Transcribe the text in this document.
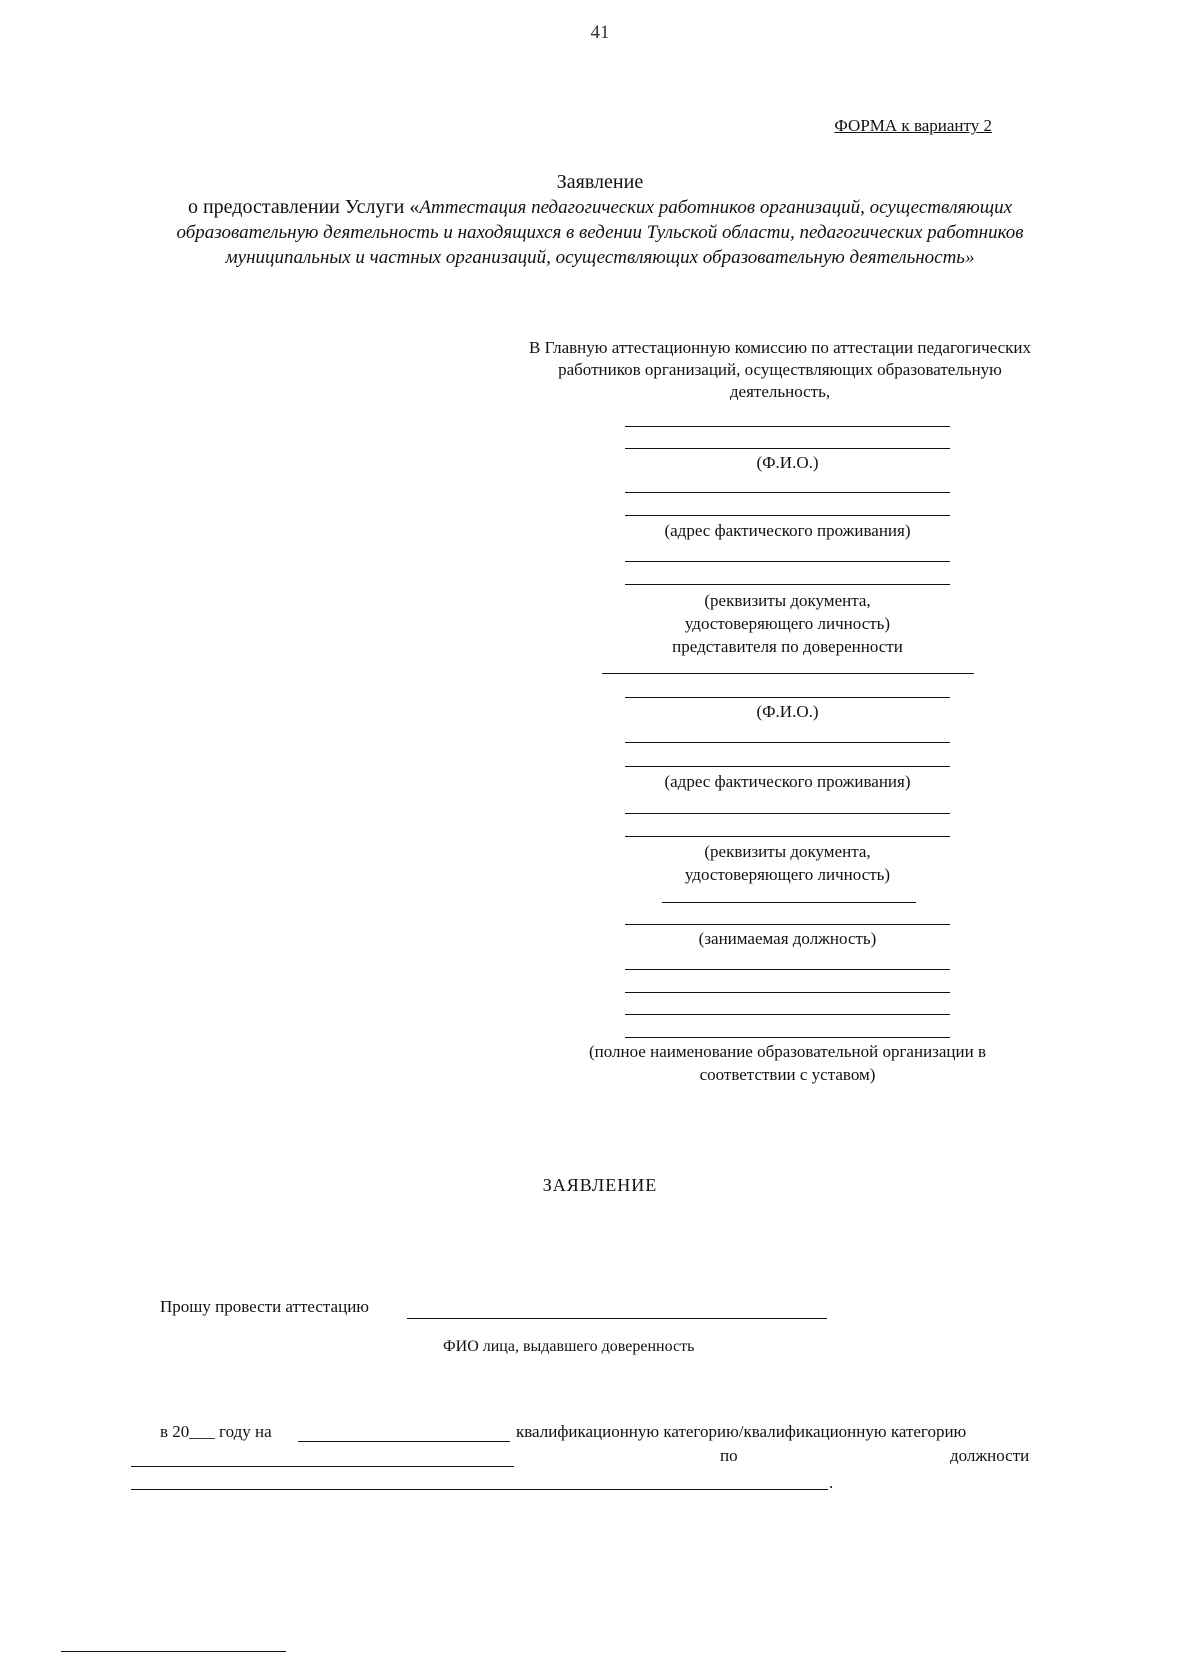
41
ФОРМА к варианту 2
Заявление
о предоставлении Услуги «Аттестация педагогических работников организаций, осуществляющих образовательную деятельность и находящихся в ведении Тульской области, педагогических работников муниципальных и частных организаций, осуществляющих образовательную деятельность»
В Главную аттестационную комиссию по аттестации педагогических работников организаций, осуществляющих образовательную деятельность,
(Ф.И.О.)
(адрес фактического проживания)
(реквизиты документа, удостоверяющего личность)
представителя по доверенности
(Ф.И.О.)
(адрес фактического проживания)
(реквизиты документа, удостоверяющего личность)
(занимаемая должность)
(полное наименование образовательной организации в соответствии с уставом)
ЗАЯВЛЕНИЕ
Прошу провести аттестацию
ФИО лица, выдавшего доверенность
в 20___ году на	квалификационную категорию/квалификационную категорию
по	должности
.
